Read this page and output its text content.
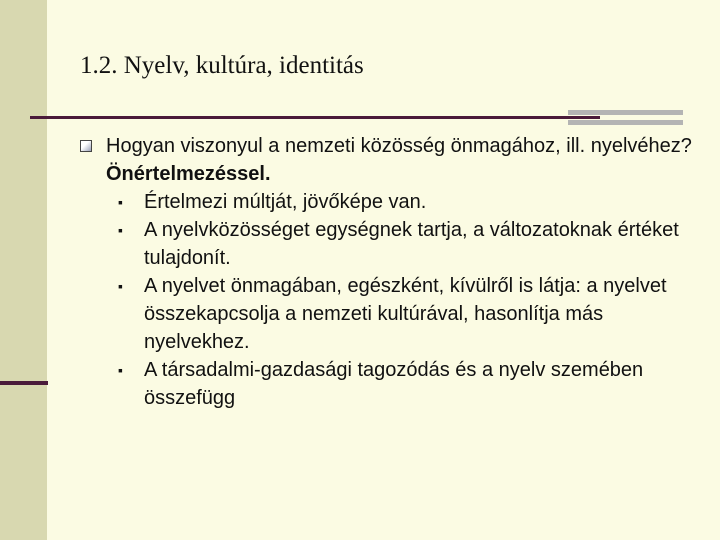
1.2. Nyelv, kultúra, identitás
Hogyan viszonyul a nemzeti közösség önmagához, ill. nyelvéhez? Önértelmezéssel.
▪ Értelmezi múltját, jövőképe van.
▪ A nyelvközösséget egységnek tartja, a változatoknak értéket tulajdonít.
▪ A nyelvet önmagában, egészként, kívülről is látja: a nyelvet összekapcsolja a nemzeti kultúrával, hasonlítja más nyelvekhez.
▪ A társadalmi-gazdasági tagozódás és a nyelv szemében összefügg
